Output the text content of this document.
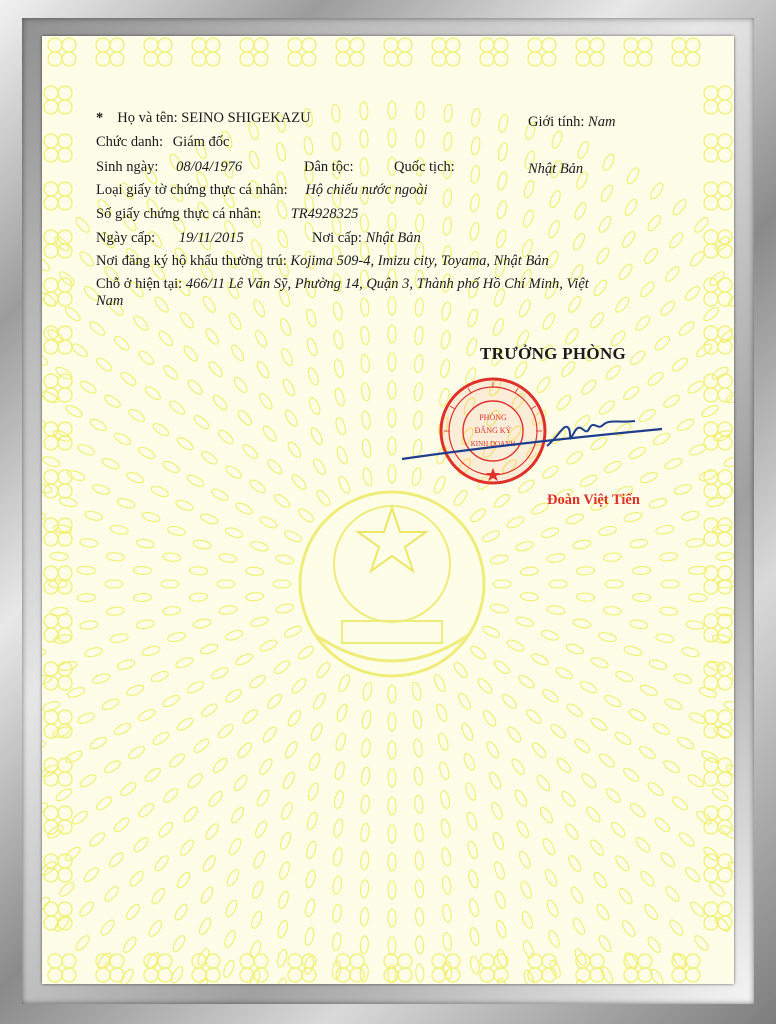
* Họ và tên: SEINO SHIGEKAZU	Giới tính: Nam
Chức danh: Giám đốc
Sinh ngày: 08/04/1976	Dân tộc:	Quốc tịch:	Nhật Bản
Loại giấy tờ chứng thực cá nhân: Hộ chiếu nước ngoài
Số giấy chứng thực cá nhân: TR4928325
Ngày cấp: 19/11/2015	Nơi cấp: Nhật Bản
Nơi đăng ký hộ khẩu thường trú: Kojima 509-4, Imizu city, Toyama, Nhật Bản
Chỗ ở hiện tại: 466/11 Lê Văn Sỹ, Phường 14, Quận 3, Thành phố Hồ Chí Minh, Việt
Nam
TRƯỞNG PHÒNG
PHÒNG
ĐĂNG KÝ
KINH DOANH
Đoàn Việt Tiến
